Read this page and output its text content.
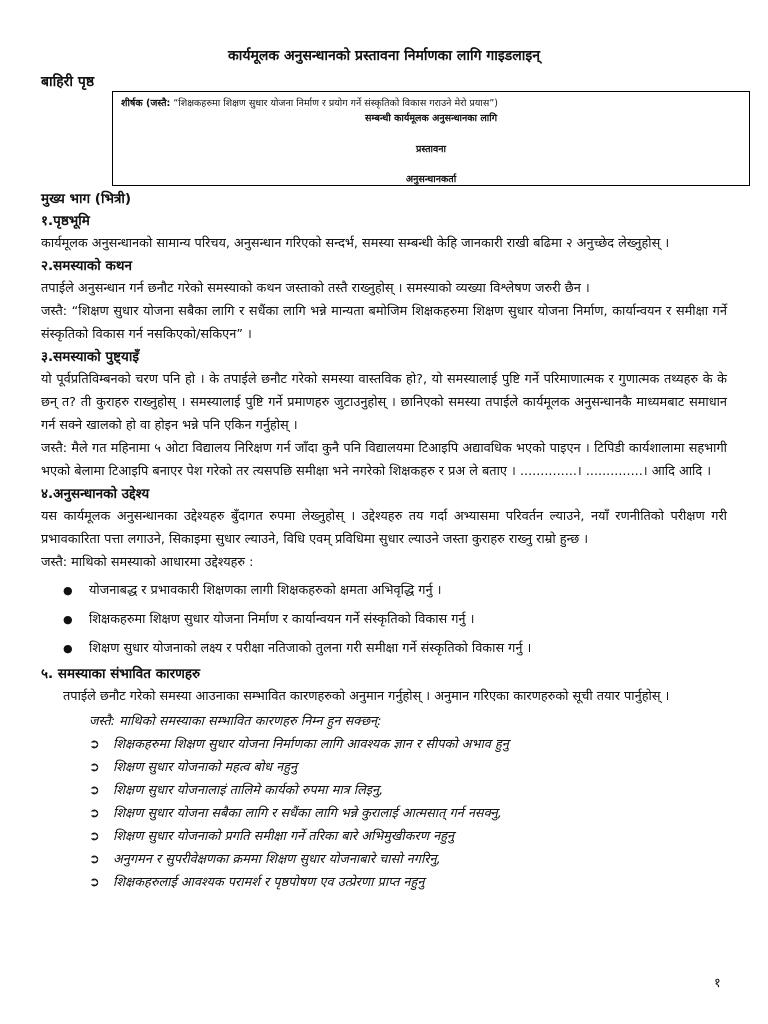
कार्यमूलक अनुसन्धानको प्रस्तावना निर्माणका लागि गाइडलाइन्
बाहिरी पृष्ठ
शीर्षक (जस्तै: “शिक्षकहरुमा शिक्षण सुधार योजना निर्माण र प्रयोग गर्ने संस्कृतिको विकास गराउने मेरो प्रयास”)
सम्बन्धी कार्यमूलक अनुसन्धानका लागि
प्रस्तावना
अनुसन्धानकर्ता
मुख्य भाग (भित्री)
१.पृष्ठभूमि
कार्यमूलक अनुसन्धानको सामान्य परिचय, अनुसन्धान गरिएको सन्दर्भ, समस्या सम्बन्धी केहि जानकारी राखी बढिमा २ अनुच्छेद लेख्नुहोस् ।
२.समस्याको कथन
तपाईले अनुसन्धान गर्न छनौट गरेको समस्याको कथन जस्ताको तस्तै राख्नुहोस् । समस्याको व्यख्या विश्लेषण जरुरी छैन ।
जस्तै: “शिक्षण सुधार योजना सबैका लागि र सधैंका लागि भन्ने मान्यता बमोजिम शिक्षकहरुमा शिक्षण सुधार योजना निर्माण, कार्यान्वयन र समीक्षा गर्ने संस्कृतिको विकास गर्न नसकिएको/सकिएन” ।
३.समस्याको पुष्ट्याइँ
यो पूर्वप्रतिविम्बनको चरण पनि हो । के तपाईले छनौट गरेको समस्या वास्तविक हो?, यो समस्यालाई पुष्टि गर्ने परिमाणात्मक र गुणात्मक तथ्यहरु के के छन् त? ती कुराहरु राख्नुहोस् । समस्यालाई पुष्टि गर्ने प्रमाणहरु जुटाउनुहोस् । छानिएको समस्या तपाईले कार्यमूलक अनुसन्धानकै माध्यमबाट समाधान गर्न सक्ने खालको हो वा होइन भन्ने पनि एकिन गर्नुहोस् ।
जस्तै: मैले गत महिनामा ५ ओटा विद्यालय निरिक्षण गर्न जाँदा कुनै पनि विद्यालयमा टिआइपि अद्यावधिक भएको पाइएन । टिपिडी कार्यशालामा सहभागी भएको बेलामा टिआइपि बनाएर पेश गरेको तर त्यसपछि समीक्षा भने नगरेको शिक्षकहरु र प्रअ ले बताए । ..............। ..............। आदि आदि ।
४.अनुसन्धानको उद्देश्य
यस कार्यमूलक अनुसन्धानका उद्देश्यहरु बुँदागत रुपमा लेख्नुहोस् । उद्देश्यहरु तय गर्दा अभ्यासमा परिवर्तन ल्याउने, नयाँ रणनीतिको परीक्षण गरी प्रभावकारिता पत्ता लगाउने, सिकाइमा सुधार ल्याउने, विधि एवम् प्रविधिमा सुधार ल्याउने जस्ता कुराहरु राख्नु राम्रो हुन्छ ।
जस्तै: माथिको समस्याको आधारमा उद्देश्यहरु :
● योजनाबद्ध र प्रभावकारी शिक्षणका लागी शिक्षकहरुको क्षमता अभिवृद्धि गर्नु ।
● शिक्षकहरुमा शिक्षण सुधार योजना निर्माण र कार्यान्वयन गर्ने संस्कृतिको विकास गर्नु ।
● शिक्षण सुधार योजनाको लक्ष्य र परीक्षा नतिजाको तुलना गरी समीक्षा गर्ने संस्कृतिको विकास गर्नु ।
५. समस्याका संभावित कारणहरु
तपाईले छनौट गरेको समस्या आउनाका सम्भावित कारणहरुको अनुमान गर्नुहोस् । अनुमान गरिएका कारणहरुको सूची तयार पार्नुहोस् ।
जस्तै: माथिको समस्याका सम्भावित कारणहरु निम्न हुन सक्छन्:
➲ शिक्षकहरुमा शिक्षण सुधार योजना निर्माणका लागि आवश्यक ज्ञान र सीपको अभाव हुनु
➲ शिक्षण सुधार योजनाको महत्व बोध नहुनु
➲ शिक्षण सुधार योजनालाइं तालिमे कार्यको रुपमा मात्र लिइनु,
➲ शिक्षण सुधार योजना सबैका लागि र सधैंका लागि भन्ने कुरालाई आत्मसात् गर्न नसक्नु,
➲ शिक्षण सुधार योजनाको प्रगति समीक्षा गर्ने तरिका बारे अभिमुखीकरण नहुनु
➲ अनुगमन र सुपरीवेक्षणका क्रममा शिक्षण सुधार योजनाबारे चासो नगरिनु,
➲ शिक्षकहरुलाई आवश्यक परामर्श र पृष्ठपोषण एव उत्प्रेरणा प्राप्त नहुनु
१
